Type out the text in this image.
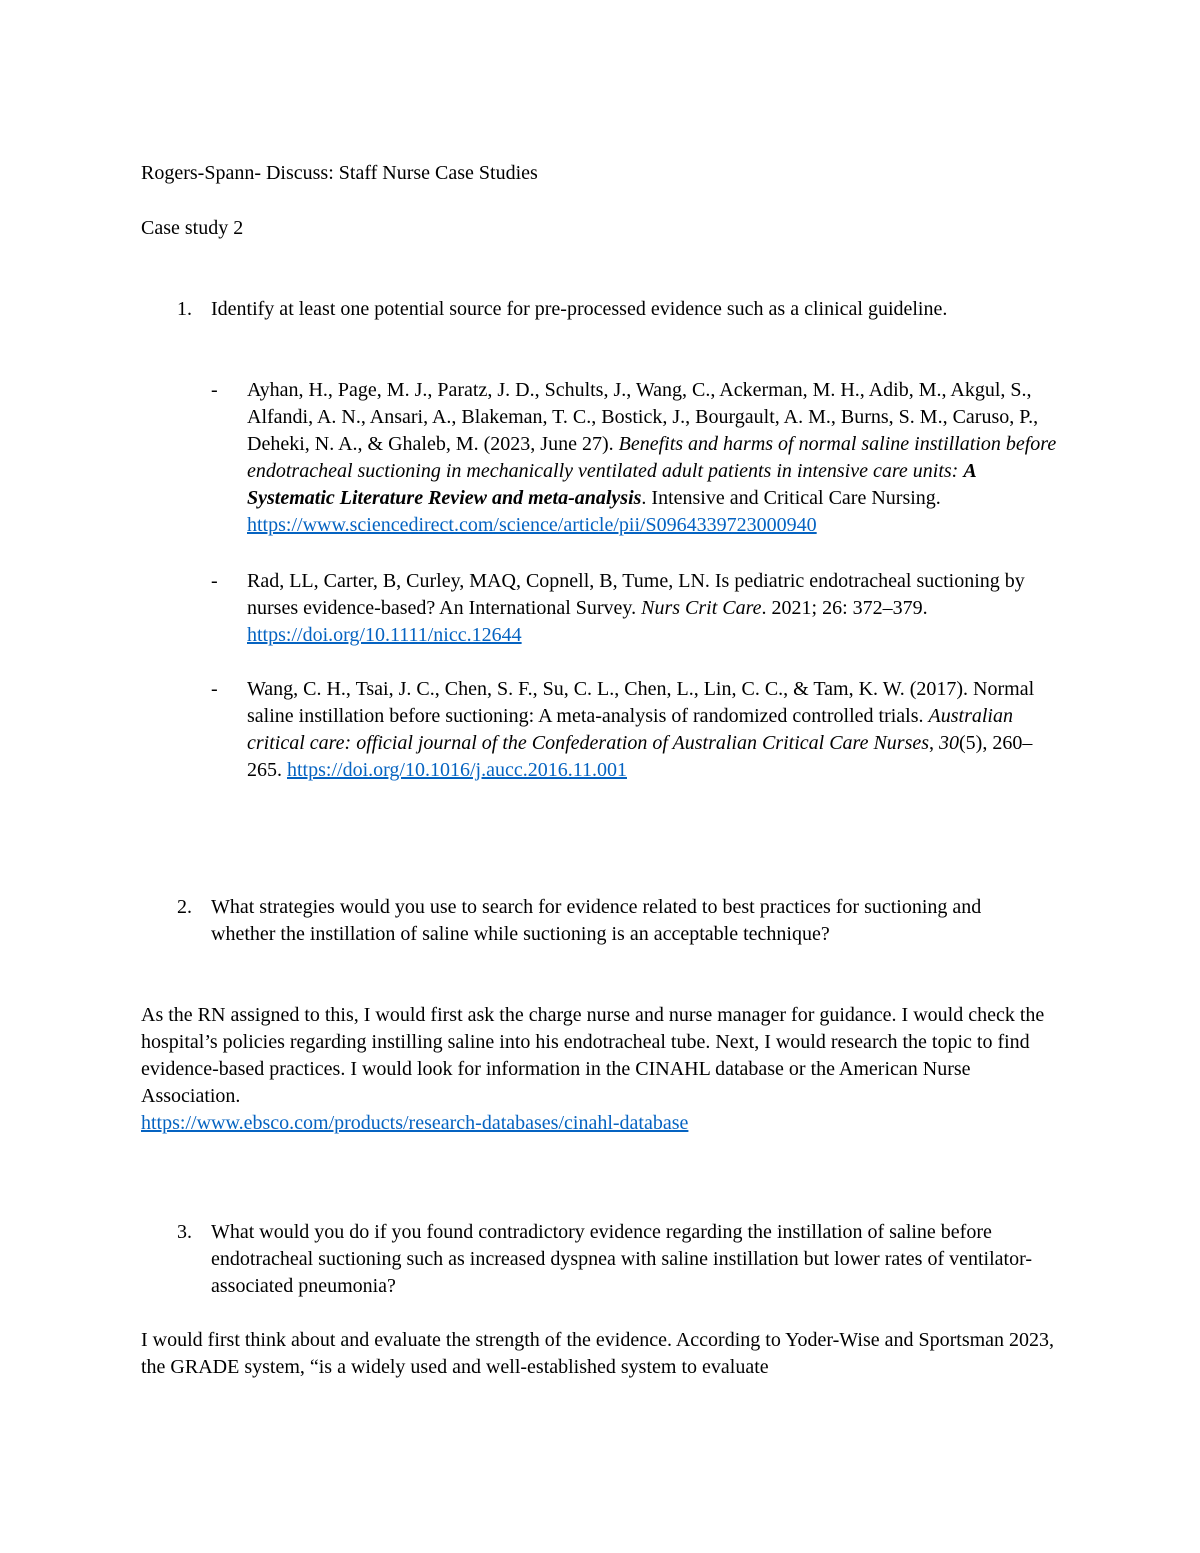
Rogers-Spann- Discuss: Staff Nurse Case Studies

Case study 2

1. Identify at least one potential source for pre-processed evidence such as a clinical guideline.

- Ayhan, H., Page, M. J., Paratz, J. D., Schults, J., Wang, C., Ackerman, M. H., Adib, M., Akgul, S., Alfandi, A. N., Ansari, A., Blakeman, T. C., Bostick, J., Bourgault, A. M., Burns, S. M., Caruso, P., Deheki, N. A., & Ghaleb, M. (2023, June 27). Benefits and harms of normal saline instillation before endotracheal suctioning in mechanically ventilated adult patients in intensive care units: A Systematic Literature Review and meta-analysis. Intensive and Critical Care Nursing. https://www.sciencedirect.com/science/article/pii/S0964339723000940

- Rad, LL, Carter, B, Curley, MAQ, Copnell, B, Tume, LN. Is pediatric endotracheal suctioning by nurses evidence-based? An International Survey. Nurs Crit Care. 2021; 26: 372–379. https://doi.org/10.1111/nicc.12644

- Wang, C. H., Tsai, J. C., Chen, S. F., Su, C. L., Chen, L., Lin, C. C., & Tam, K. W. (2017). Normal saline instillation before suctioning: A meta-analysis of randomized controlled trials. Australian critical care: official journal of the Confederation of Australian Critical Care Nurses, 30(5), 260–265. https://doi.org/10.1016/j.aucc.2016.11.001

2. What strategies would you use to search for evidence related to best practices for suctioning and whether the instillation of saline while suctioning is an acceptable technique?

As the RN assigned to this, I would first ask the charge nurse and nurse manager for guidance. I would check the hospital’s policies regarding instilling saline into his endotracheal tube. Next, I would research the topic to find evidence-based practices. I would look for information in the CINAHL database or the American Nurse Association.
https://www.ebsco.com/products/research-databases/cinahl-database

3. What would you do if you found contradictory evidence regarding the instillation of saline before endotracheal suctioning such as increased dyspnea with saline instillation but lower rates of ventilator-associated pneumonia?

I would first think about and evaluate the strength of the evidence. According to Yoder-Wise and Sportsman 2023, the GRADE system, “is a widely used and well-established system to evaluate
